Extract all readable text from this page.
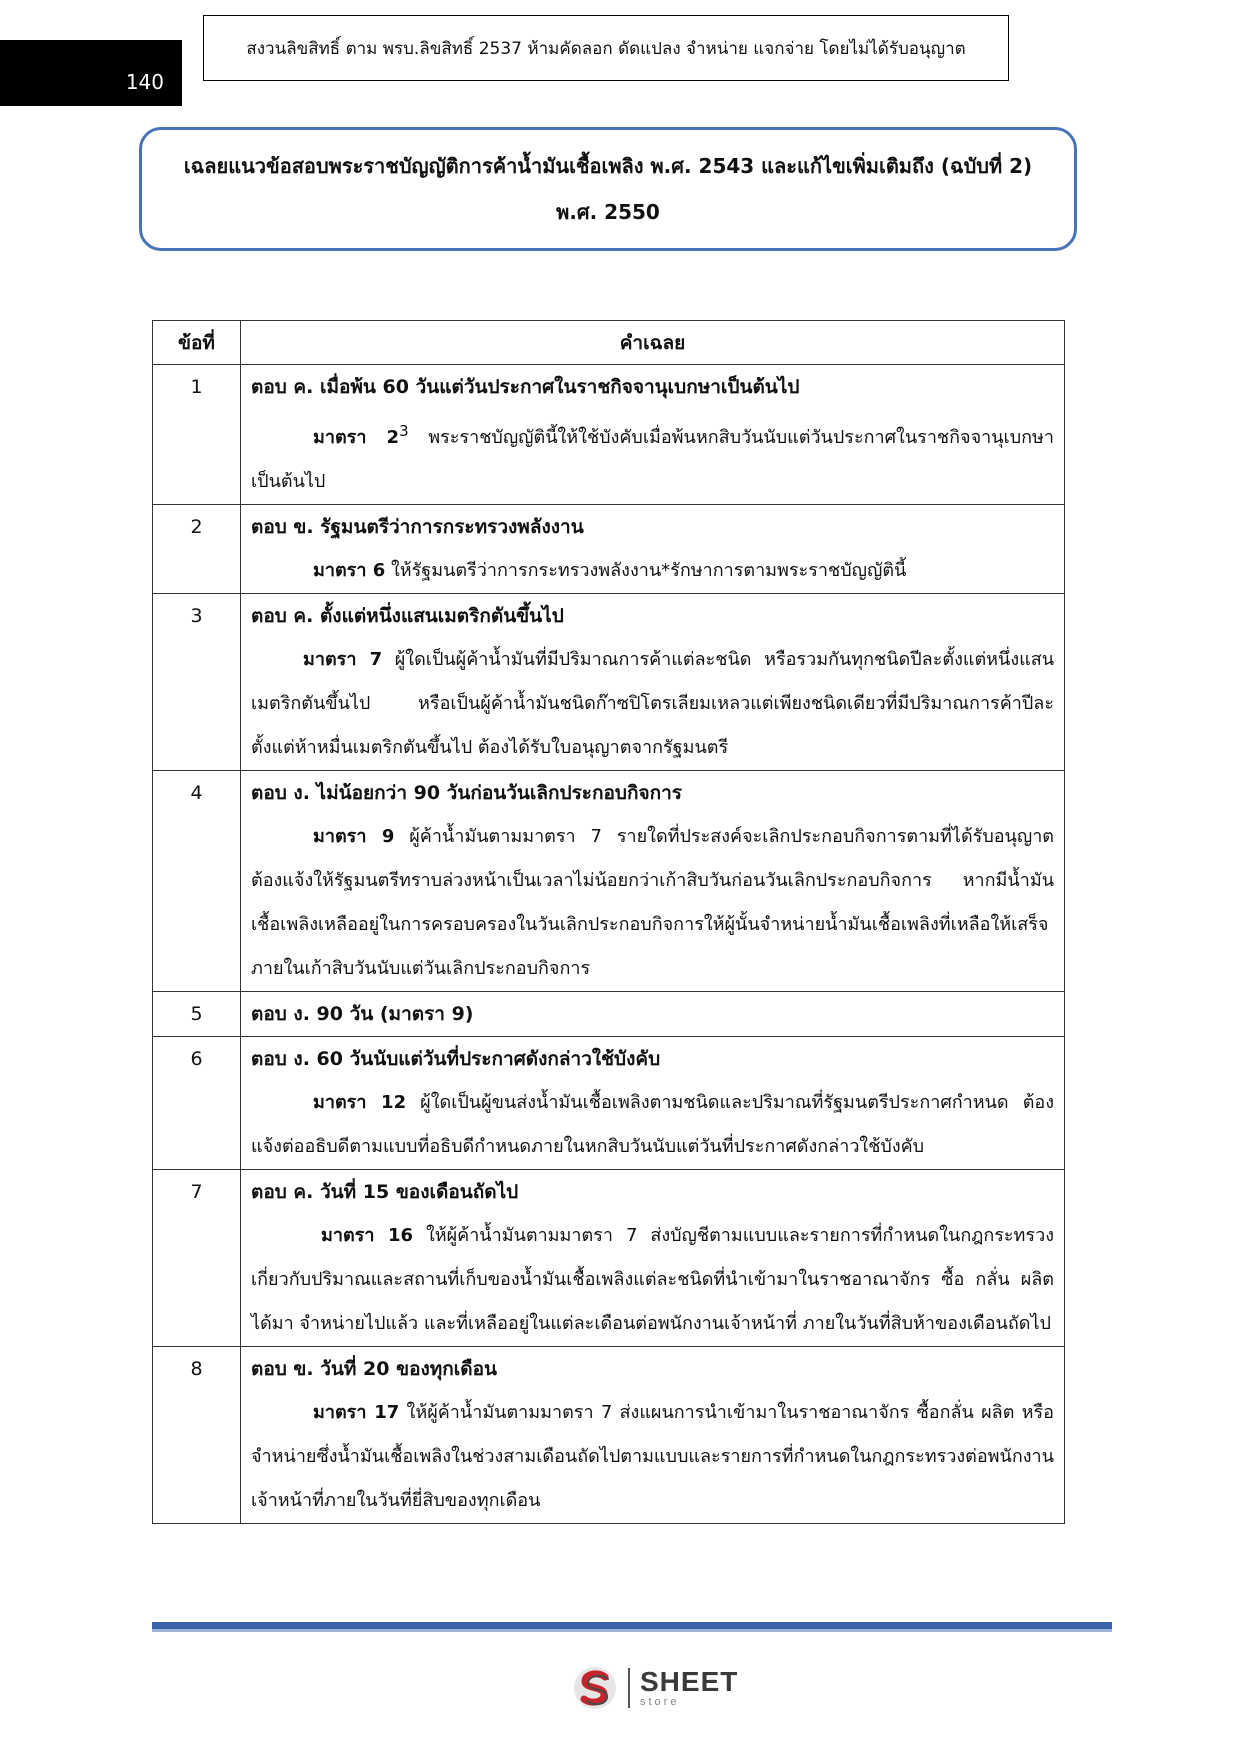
140
สงวนลิขสิทธิ์ ตาม พรบ.ลิขสิทธิ์ 2537 ห้ามคัดลอก ดัดแปลง จำหน่าย แจกจ่าย โดยไม่ได้รับอนุญาต
เฉลยแนวข้อสอบพระราชบัญญัติการค้าน้ำมันเชื้อเพลิง พ.ศ. 2543 และแก้ไขเพิ่มเติมถึง (ฉบับที่ 2)
พ.ศ. 2550
ข้อที่	คำเฉลย

1	ตอบ ค. เมื่อพ้น 60 วันแต่วันประกาศในราชกิจจานุเบกษาเป็นต้นไป
มาตรา $2^3$ พระราชบัญญัตินี้ให้ใช้บังคับเมื่อพ้นหกสิบวันนับแต่วันประกาศในราชกิจจานุเบกษาเป็นต้นไป

2	ตอบ ข. รัฐมนตรีว่าการกระทรวงพลังงาน
มาตรา 6 ให้รัฐมนตรีว่าการกระทรวงพลังงาน*รักษาการตามพระราชบัญญัตินี้

3	ตอบ ค. ตั้งแต่หนึ่งแสนเมตริกตันขึ้นไป
มาตรา 7 ผู้ใดเป็นผู้ค้าน้ำมันที่มีปริมาณการค้าแต่ละชนิด หรือรวมกันทุกชนิดปีละตั้งแต่หนึ่งแสนเมตริกตันขึ้นไป หรือเป็นผู้ค้าน้ำมันชนิดก๊าซปิโตรเลียมเหลวแต่เพียงชนิดเดียวที่มีปริมาณการค้าปีละตั้งแต่ห้าหมื่นเมตริกตันขึ้นไป ต้องได้รับใบอนุญาตจากรัฐมนตรี

4	ตอบ ง. ไม่น้อยกว่า 90 วันก่อนวันเลิกประกอบกิจการ
มาตรา 9 ผู้ค้าน้ำมันตามมาตรา 7 รายใดที่ประสงค์จะเลิกประกอบกิจการตามที่ได้รับอนุญาต ต้องแจ้งให้รัฐมนตรีทราบล่วงหน้าเป็นเวลาไม่น้อยกว่าเก้าสิบวันก่อนวันเลิกประกอบกิจการ หากมีน้ำมันเชื้อเพลิงเหลืออยู่ในการครอบครองในวันเลิกประกอบกิจการให้ผู้นั้นจำหน่ายน้ำมันเชื้อเพลิงที่เหลือให้เสร็จภายในเก้าสิบวันนับแต่วันเลิกประกอบกิจการ

5	ตอบ ง. 90 วัน (มาตรา 9)

6	ตอบ ง. 60 วันนับแต่วันที่ประกาศดังกล่าวใช้บังคับ
มาตรา 12 ผู้ใดเป็นผู้ขนส่งน้ำมันเชื้อเพลิงตามชนิดและปริมาณที่รัฐมนตรีประกาศกำหนด ต้องแจ้งต่ออธิบดีตามแบบที่อธิบดีกำหนดภายในหกสิบวันนับแต่วันที่ประกาศดังกล่าวใช้บังคับ

7	ตอบ ค. วันที่ 15 ของเดือนถัดไป
มาตรา 16 ให้ผู้ค้าน้ำมันตามมาตรา 7 ส่งบัญชีตามแบบและรายการที่กำหนดในกฎกระทรวงเกี่ยวกับปริมาณและสถานที่เก็บของน้ำมันเชื้อเพลิงแต่ละชนิดที่นำเข้ามาในราชอาณาจักร ซื้อ กลั่น ผลิต ได้มา จำหน่ายไปแล้ว และที่เหลืออยู่ในแต่ละเดือนต่อพนักงานเจ้าหน้าที่ ภายในวันที่สิบห้าของเดือนถัดไป

8	ตอบ ข. วันที่ 20 ของทุกเดือน
มาตรา 17 ให้ผู้ค้าน้ำมันตามมาตรา 7 ส่งแผนการนำเข้ามาในราชอาณาจักร ซื้อกลั่น ผลิต หรือจำหน่ายซึ่งน้ำมันเชื้อเพลิงในช่วงสามเดือนถัดไปตามแบบและรายการที่กำหนดในกฎกระทรวงต่อพนักงานเจ้าหน้าที่ภายในวันที่ยี่สิบของทุกเดือน
SHEET
store
